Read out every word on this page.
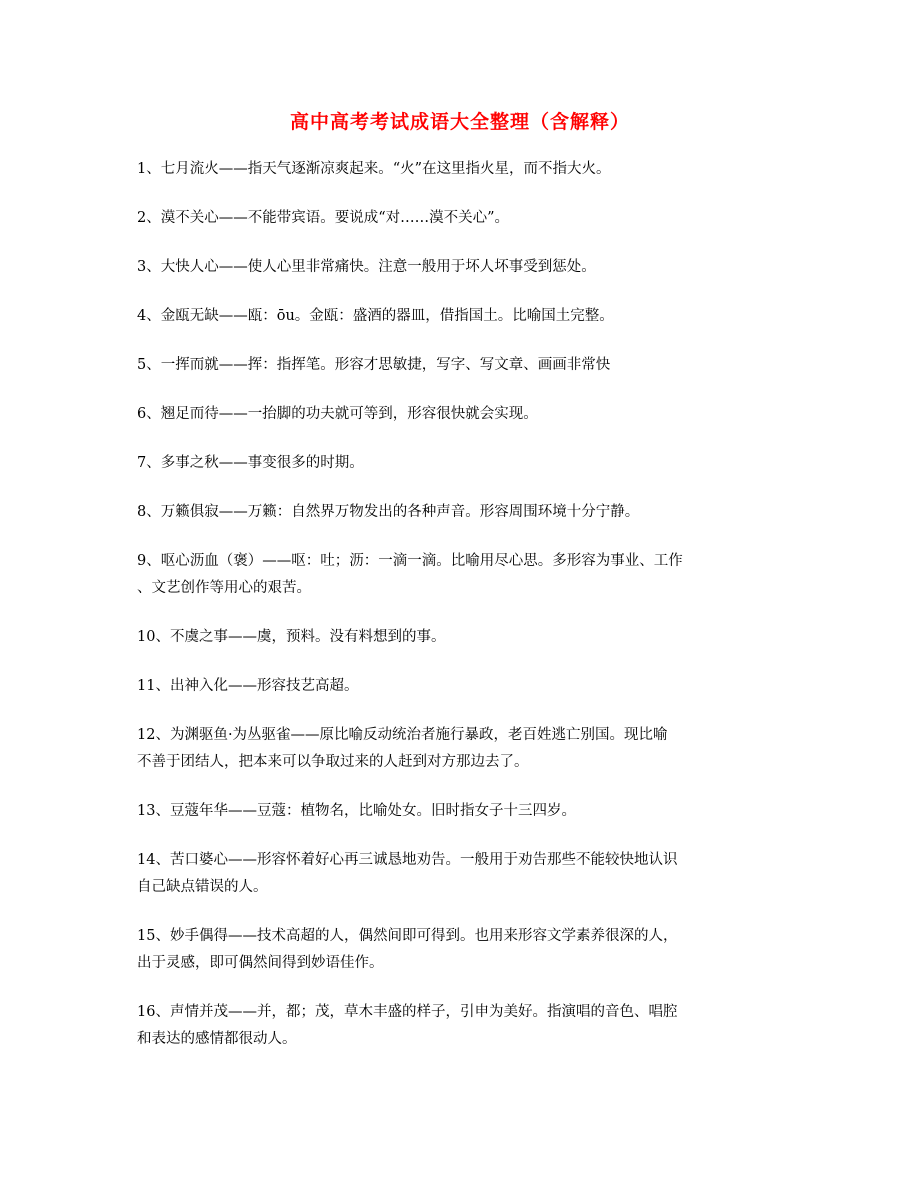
高中高考考试成语大全整理（含解释）
1、七月流火——指天气逐渐凉爽起来。“火”在这里指火星，而不指大火。
2、漠不关心——不能带宾语。要说成“对……漠不关心”。
3、大快人心——使人心里非常痛快。注意一般用于坏人坏事受到惩处。
4、金瓯无缺——瓯：ōu。金瓯：盛酒的器皿，借指国土。比喻国土完整。
5、一挥而就——挥：指挥笔。形容才思敏捷，写字、写文章、画画非常快
6、翘足而待——一抬脚的功夫就可等到，形容很快就会实现。
7、多事之秋——事变很多的时期。
8、万籁俱寂——万籁：自然界万物发出的各种声音。形容周围环境十分宁静。
9、呕心沥血（褒）——呕：吐；沥：一滴一滴。比喻用尽心思。多形容为事业、工作
、文艺创作等用心的艰苦。
10、不虞之事——虞，预料。没有料想到的事。
11、出神入化——形容技艺高超。
12、为渊驱鱼·为丛驱雀——原比喻反动统治者施行暴政，老百姓逃亡别国。现比喻
不善于团结人，把本来可以争取过来的人赶到对方那边去了。
13、豆蔻年华——豆蔻：植物名，比喻处女。旧时指女子十三四岁。
14、苦口婆心——形容怀着好心再三诚恳地劝告。一般用于劝告那些不能较快地认识
自己缺点错误的人。
15、妙手偶得——技术高超的人，偶然间即可得到。也用来形容文学素养很深的人，
出于灵感，即可偶然间得到妙语佳作。
16、声情并茂——并，都；茂，草木丰盛的样子，引申为美好。指演唱的音色、唱腔
和表达的感情都很动人。
